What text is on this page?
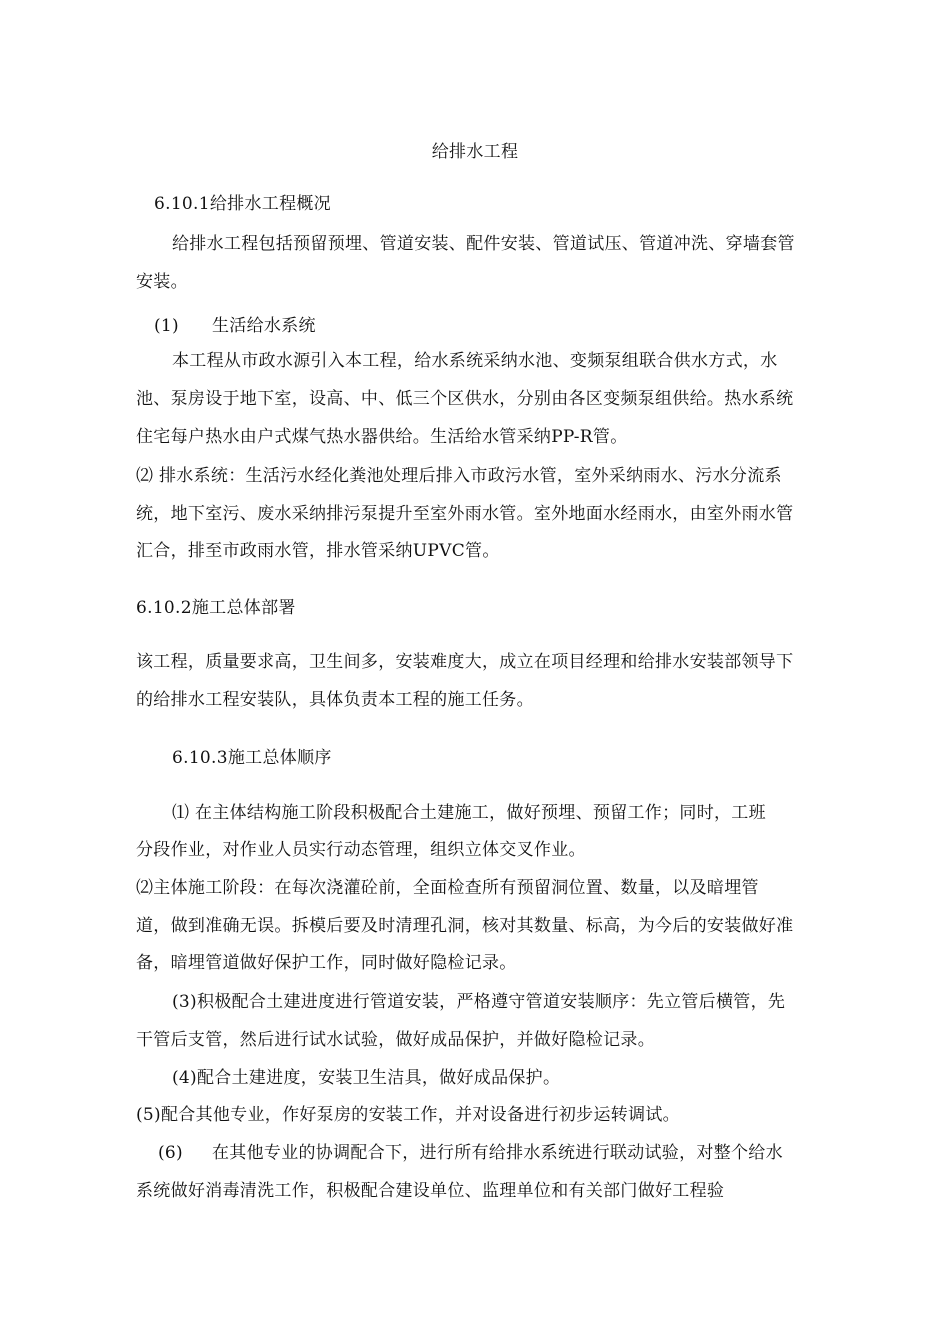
给排水工程
6.10.1给排水工程概况
给排水工程包括预留预埋、管道安装、配件安装、管道试压、管道冲洗、穿墙套管
安装。
(1) 生活给水系统
本工程从市政水源引入本工程，给水系统采纳水池、变频泵组联合供水方式，水
池、泵房设于地下室，设高、中、低三个区供水，分别由各区变频泵组供给。热水系统
住宅每户热水由户式煤气热水器供给。生活给水管采纳PP-R管。
⑵ 排水系统：生活污水经化粪池处理后排入市政污水管，室外采纳雨水、污水分流系
统，地下室污、废水采纳排污泵提升至室外雨水管。室外地面水经雨水，由室外雨水管
汇合，排至市政雨水管，排水管采纳UPVC管。
6.10.2施工总体部署
该工程，质量要求高，卫生间多，安装难度大，成立在项目经理和给排水安装部领导下
的给排水工程安装队，具体负责本工程的施工任务。
6.10.3施工总体顺序
⑴ 在主体结构施工阶段积极配合土建施工，做好预埋、预留工作；同时，工班
分段作业，对作业人员实行动态管理，组织立体交叉作业。
⑵主体施工阶段：在每次浇灌砼前，全面检查所有预留洞位置、数量，以及暗埋管
道，做到准确无误。拆模后要及时清理孔洞，核对其数量、标高，为今后的安装做好准
备，暗埋管道做好保护工作，同时做好隐检记录。
(3)积极配合土建进度进行管道安装，严格遵守管道安装顺序：先立管后横管，先
干管后支管，然后进行试水试验，做好成品保护，并做好隐检记录。
(4)配合土建进度，安装卫生洁具，做好成品保护。
(5)配合其他专业，作好泵房的安装工作，并对设备进行初步运转调试。
(6) 在其他专业的协调配合下，进行所有给排水系统进行联动试验，对整个给水
系统做好消毒清洗工作，积极配合建设单位、监理单位和有关部门做好工程验
